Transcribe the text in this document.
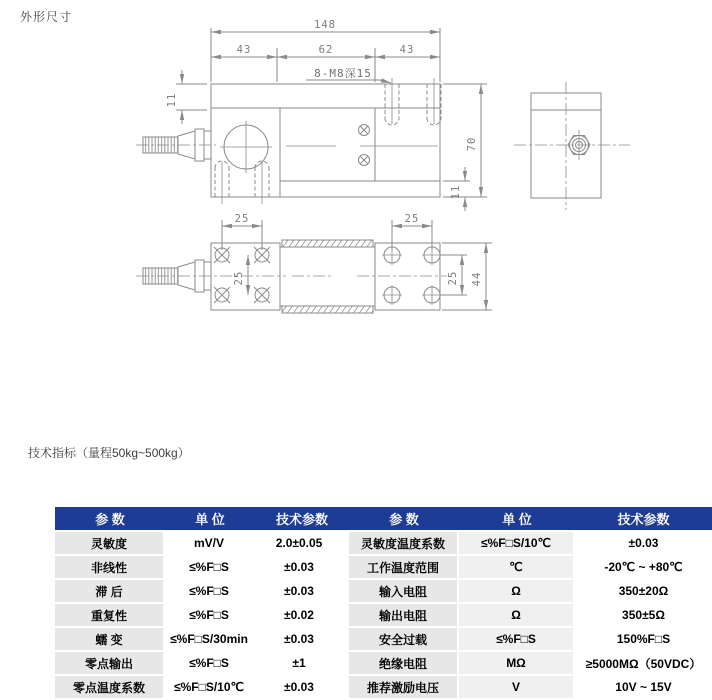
外形尺寸
148
43	62	43
8-M8深15
11
70
11
25	25
25	25 44
技术指标（量程50kg~500kg）
参 数	单 位	技术参数	参 数	单 位	技术参数
灵敏度	mV/V	2.0±0.05	灵敏度温度系数	≤%F□S/10℃	±0.03
非线性	≤%F□S	±0.03	工作温度范围	℃	-20℃ ~ +80℃
滞 后	≤%F□S	±0.03	输入电阻	Ω	350±20Ω
重复性	≤%F□S	±0.02	输出电阻	Ω	350±5Ω
蠕 变	≤%F□S/30min	±0.03	安全过载	≤%F□S	150%F□S
零点输出	≤%F□S	±1	绝缘电阻	MΩ	≥5000MΩ（50VDC）
零点温度系数	≤%F□S/10℃	±0.03	推荐激励电压	V	10V ~ 15V
